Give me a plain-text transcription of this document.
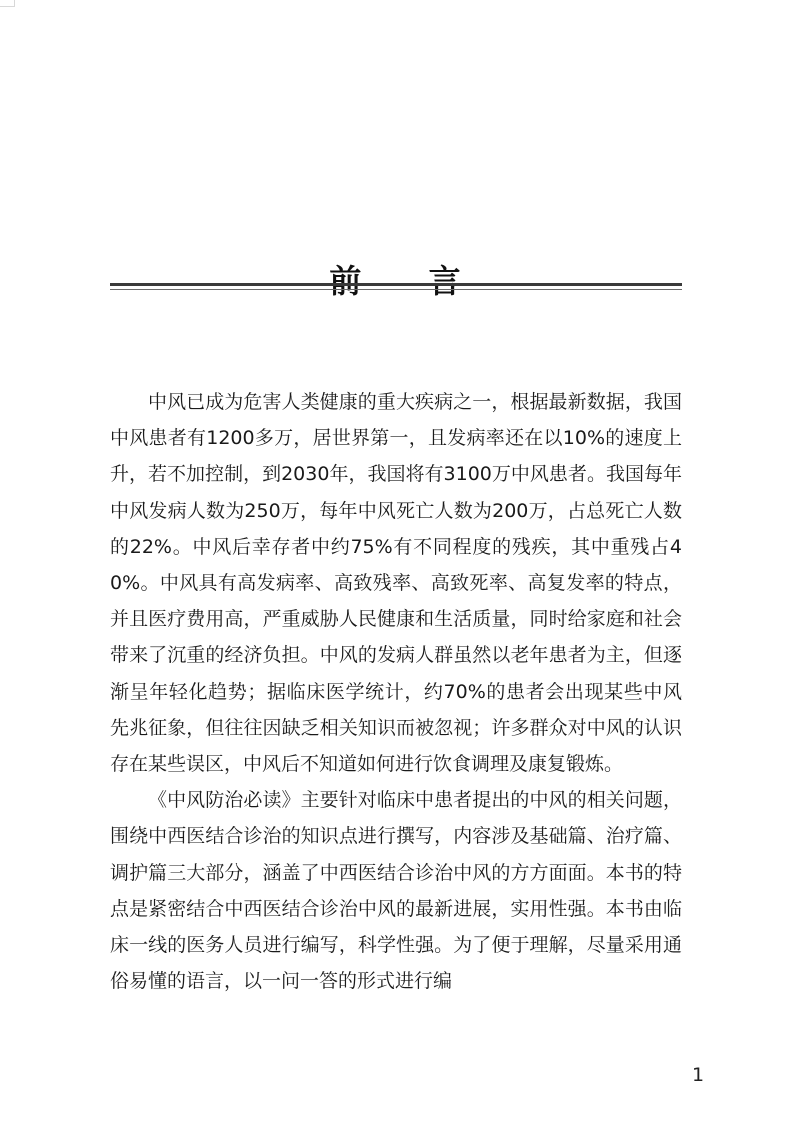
前 言

中风已成为危害人类健康的重大疾病之一，根据最新数据，我国中风患者有1200多万，居世界第一，且发病率还在以10%的速度上升，若不加控制，到2030年，我国将有3100万中风患者。我国每年中风发病人数为250万，每年中风死亡人数为200万，占总死亡人数的22%。中风后幸存者中约75%有不同程度的残疾，其中重残占40%。中风具有高发病率、高致残率、高致死率、高复发率的特点，并且医疗费用高，严重威胁人民健康和生活质量，同时给家庭和社会带来了沉重的经济负担。中风的发病人群虽然以老年患者为主，但逐渐呈年轻化趋势；据临床医学统计，约70%的患者会出现某些中风先兆征象，但往往因缺乏相关知识而被忽视；许多群众对中风的认识存在某些误区，中风后不知道如何进行饮食调理及康复锻炼。

《中风防治必读》主要针对临床中患者提出的中风的相关问题，围绕中西医结合诊治的知识点进行撰写，内容涉及基础篇、治疗篇、调护篇三大部分，涵盖了中西医结合诊治中风的方方面面。本书的特点是紧密结合中西医结合诊治中风的最新进展，实用性强。本书由临床一线的医务人员进行编写，科学性强。为了便于理解，尽量采用通俗易懂的语言，以一问一答的形式进行编

1
